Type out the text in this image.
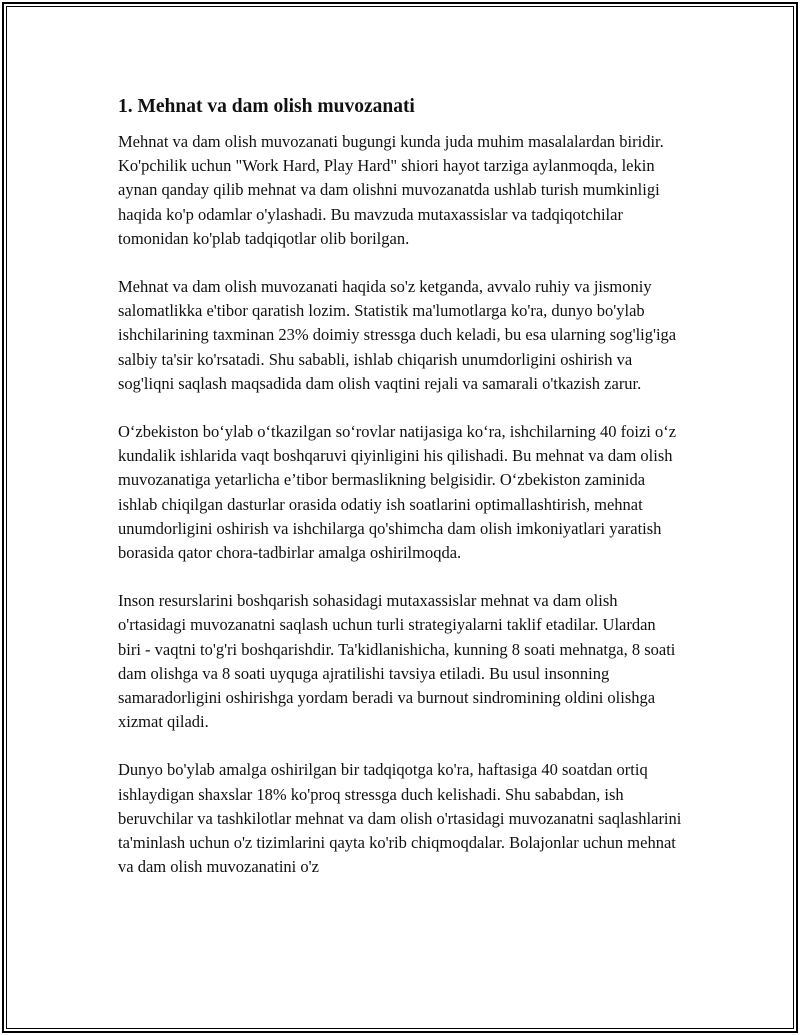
1. Mehnat va dam olish muvozanati

Mehnat va dam olish muvozanati bugungi kunda juda muhim masalalardan biridir. Ko'pchilik uchun "Work Hard, Play Hard" shiori hayot tarziga aylanmoqda, lekin aynan qanday qilib mehnat va dam olishni muvozanatda ushlab turish mumkinligi haqida ko'p odamlar o'ylashadi. Bu mavzuda mutaxassislar va tadqiqotchilar tomonidan ko'plab tadqiqotlar olib borilgan.

Mehnat va dam olish muvozanati haqida so'z ketganda, avvalo ruhiy va jismoniy salomatlikka e'tibor qaratish lozim. Statistik ma'lumotlarga ko'ra, dunyo bo'ylab ishchilarining taxminan 23% doimiy stressga duch keladi, bu esa ularning sog'lig'iga salbiy ta'sir ko'rsatadi. Shu sababli, ishlab chiqarish unumdorligini oshirish va sog'liqni saqlash maqsadida dam olish vaqtini rejali va samarali o'tkazish zarur.

O‘zbekiston bo‘ylab o‘tkazilgan so‘rovlar natijasiga ko‘ra, ishchilarning 40 foizi o‘z kundalik ishlarida vaqt boshqaruvi qiyinligini his qilishadi. Bu mehnat va dam olish muvozanatiga yetarlicha e’tibor bermaslikning belgisidir. O‘zbekiston zaminida ishlab chiqilgan dasturlar orasida odatiy ish soatlarini optimallashtirish, mehnat unumdorligini oshirish va ishchilarga qo'shimcha dam olish imkoniyatlari yaratish borasida qator chora-tadbirlar amalga oshirilmoqda.

Inson resurslarini boshqarish sohasidagi mutaxassislar mehnat va dam olish o'rtasidagi muvozanatni saqlash uchun turli strategiyalarni taklif etadilar. Ulardan biri - vaqtni to'g'ri boshqarishdir. Ta'kidlanishicha, kunning 8 soati mehnatga, 8 soati dam olishga va 8 soati uyquga ajratilishi tavsiya etiladi. Bu usul insonning samaradorligini oshirishga yordam beradi va burnout sindromining oldini olishga xizmat qiladi.

Dunyo bo'ylab amalga oshirilgan bir tadqiqotga ko'ra, haftasiga 40 soatdan ortiq ishlaydigan shaxslar 18% ko'proq stressga duch kelishadi. Shu sababdan, ish beruvchilar va tashkilotlar mehnat va dam olish o'rtasidagi muvozanatni saqlashlarini ta'minlash uchun o'z tizimlarini qayta ko'rib chiqmoqdalar. Bolajonlar uchun mehnat va dam olish muvozanatini o'z
